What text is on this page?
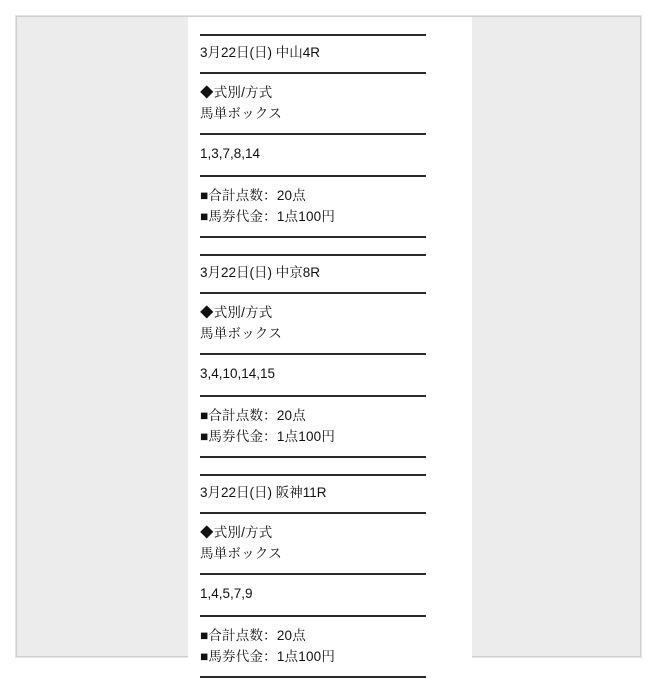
3月22日(日) 中山4R
◆式別/方式
馬単ボックス
1,3,7,8,14
■合計点数：20点
■馬券代金：1点100円
3月22日(日) 中京8R
◆式別/方式
馬単ボックス
3,4,10,14,15
■合計点数：20点
■馬券代金：1点100円
3月22日(日) 阪神11R
◆式別/方式
馬単ボックス
1,4,5,7,9
■合計点数：20点
■馬券代金：1点100円
